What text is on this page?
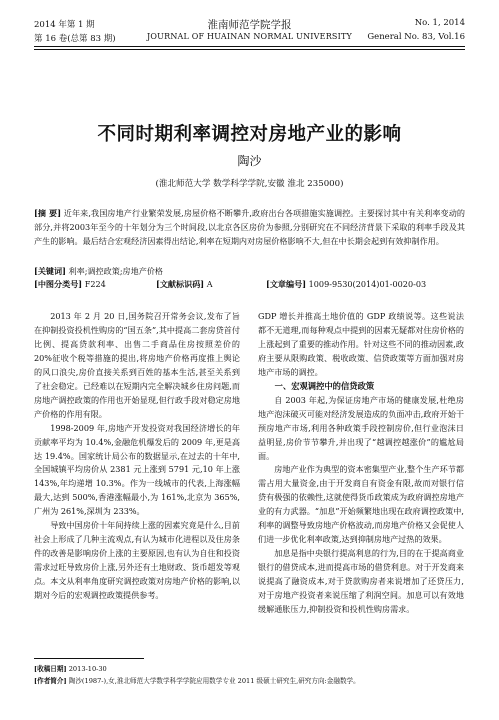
2014 年第 1 期	淮南师范学院学报	No. 1, 2014
第 16 卷(总第 83 期)	JOURNAL OF HUAINAN NORMAL UNIVERSITY	General No. 83, Vol.16
不同时期利率调控对房地产业的影响
陶沙
(淮北师范大学 数学科学学院,安徽 淮北 235000)
[摘 要] 近年来,我国房地产行业繁荣发展,房屋价格不断攀升,政府出台各项措施实施调控。主要探讨其中有关利率变动的部分,并将2003年至今的十年划分为三个时间段,以北京各区房价为参照,分别研究在不同经济背景下采取的利率手段及其产生的影响。最后结合宏观经济因素得出结论,利率在短期内对房屋价格影响不大,但在中长期会起到有效抑制作用。
[关键词] 利率;调控政策;房地产价格
[中图分类号] F224	[文献标识码] A	[文章编号] 1009-9530(2014)01-0020-03

2013 年 2 月 20 日,国务院召开常务会议,发布了旨在抑制投资投机性购房的“国五条”,其中提高二套房贷首付比例、提高贷款利率、出售二手商品住房按照差价的 20%征收个税等措施的提出,将房地产价格再度推上舆论的风口浪尖,房价直接关系到百姓的基本生活,甚至关系到了社会稳定。已经难以在短期内完全解决城乡住房问题,而房地产调控政策的作用也开始显现,但行政手段对稳定房地产价格的作用有限。

1998-2009 年,房地产开发投资对我国经济增长的年贡献率平均为 10.4%,金融危机爆发后的 2009 年,更是高达 19.4%。国家统计局公布的数据显示,在过去的十年中,全国城镇平均房价从 2381 元上涨到 5791 元,10 年上涨 143%,年均递增 10.3%。作为一线城市的代表,上海涨幅最大,达到 500%,香港涨幅最小,为 161%,北京为 365%,广州为 261%,深圳为 233%。

导致中国房价十年间持续上涨的因素究竟是什么,目前社会上形成了几种主流观点,有认为城市化进程以及住房条件的改善是影响房价上涨的主要原因,也有认为自住和投资需求过旺导致房价上涨,另外还有土地财政、货币超发等观点。本文从利率角度研究调控政策对房地产价格的影响,以期对今后的宏观调控政策提供参考。

GDP 增长并推高土地价值的 GDP 政绩说等。这些说法都不无道理,而每种观点中提到的因素无疑都对住房价格的上涨起到了重要的推动作用。针对这些不同的推动因素,政府主要从限购政策、税收政策、信贷政策等方面加强对房地产市场的调控。

一、宏观调控中的信贷政策

自 2003 年起,为保证房地产市场的健康发展,杜绝房地产泡沫破灭可能对经济发展造成的负面冲击,政府开始干预房地产市场,利用各种政策手段控制房价,但行业泡沫日益明显,房价节节攀升,并出现了“越调控越涨价”的尴尬局面。

房地产业作为典型的资本密集型产业,整个生产环节都需占用大量资金,由于开发商自有资金有限,故而对银行信贷有极强的依赖性,这就使得货币政策成为政府调控房地产业的有力武器。“加息”开始频繁地出现在政府调控政策中,利率的调整导致房地产价格波动,而房地产价格又会促使人们进一步优化利率政策,达到抑制房地产过热的效果。

加息是指中央银行提高利息的行为,目的在于提高商业银行的借贷成本,进而提高市场的借贷利息。对于开发商来说提高了融资成本,对于贷款购房者来说增加了还贷压力,对于房地产投资者来说压缩了利润空间。加息可以有效地缓解通胀压力,抑制投资和投机性购房需求。

[收稿日期] 2013-10-30
[作者简介] 陶沙(1987-),女,淮北师范大学数学科学学院应用数学专业 2011 级硕士研究生,研究方向:金融数学。
